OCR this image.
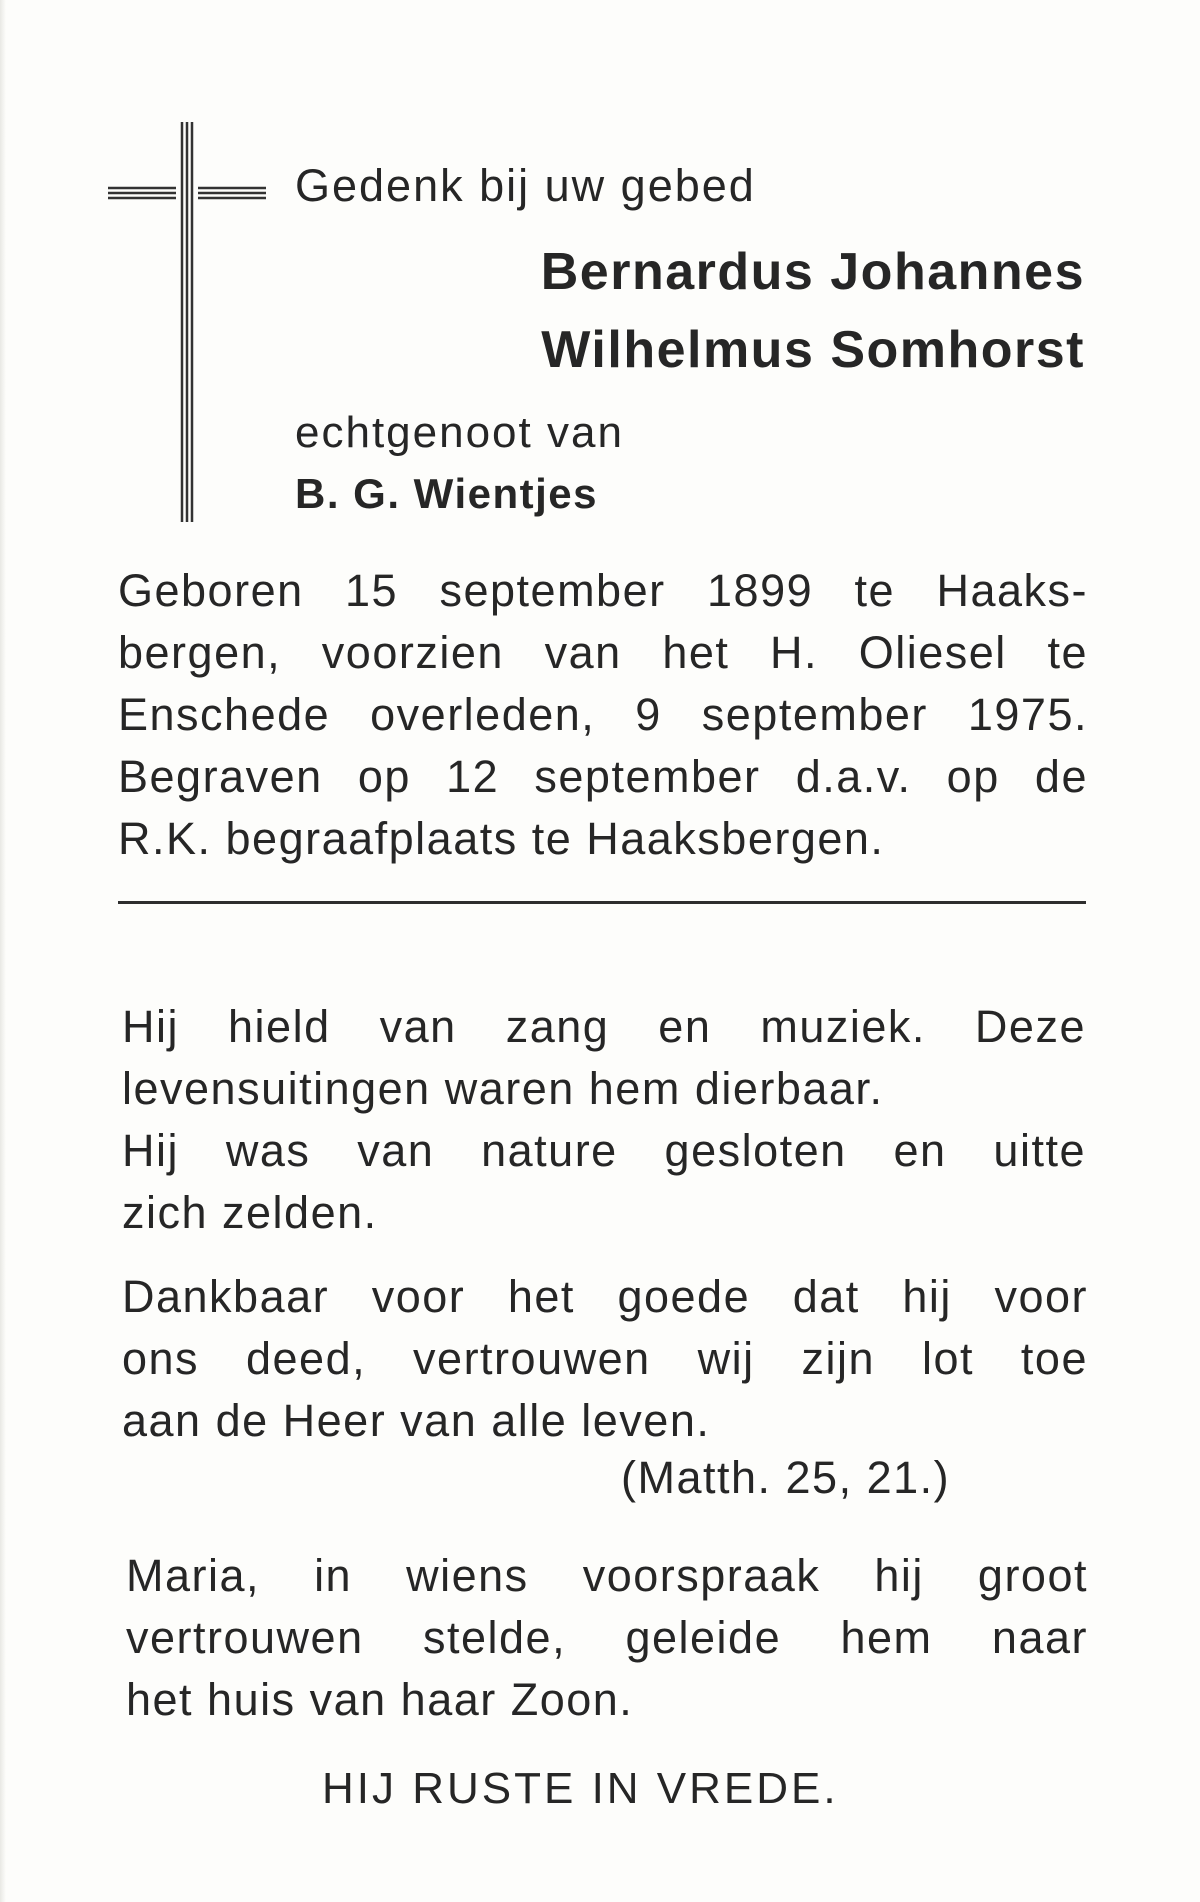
Gedenk bij uw gebed

Bernardus Johannes

Wilhelmus Somhorst

echtgenoot van

B. G. Wientjes

Geboren 15 september 1899 te Haaks-
bergen, voorzien van het H. Oliesel te
Enschede overleden, 9 september 1975.
Begraven op 12 september d.a.v. op de
R.K. begraafplaats te Haaksbergen.
Hij hield van zang en muziek. Deze
levensuitingen waren hem dierbaar.
Hij was van nature gesloten en uitte
zich zelden.
Dankbaar voor het goede dat hij voor
ons deed, vertrouwen wij zijn lot toe
aan de Heer van alle leven.

(Matth. 25, 21.)

Maria, in wiens voorspraak hij groot
vertrouwen stelde, geleide hem naar
het huis van haar Zoon.

HIJ RUSTE IN VREDE.
